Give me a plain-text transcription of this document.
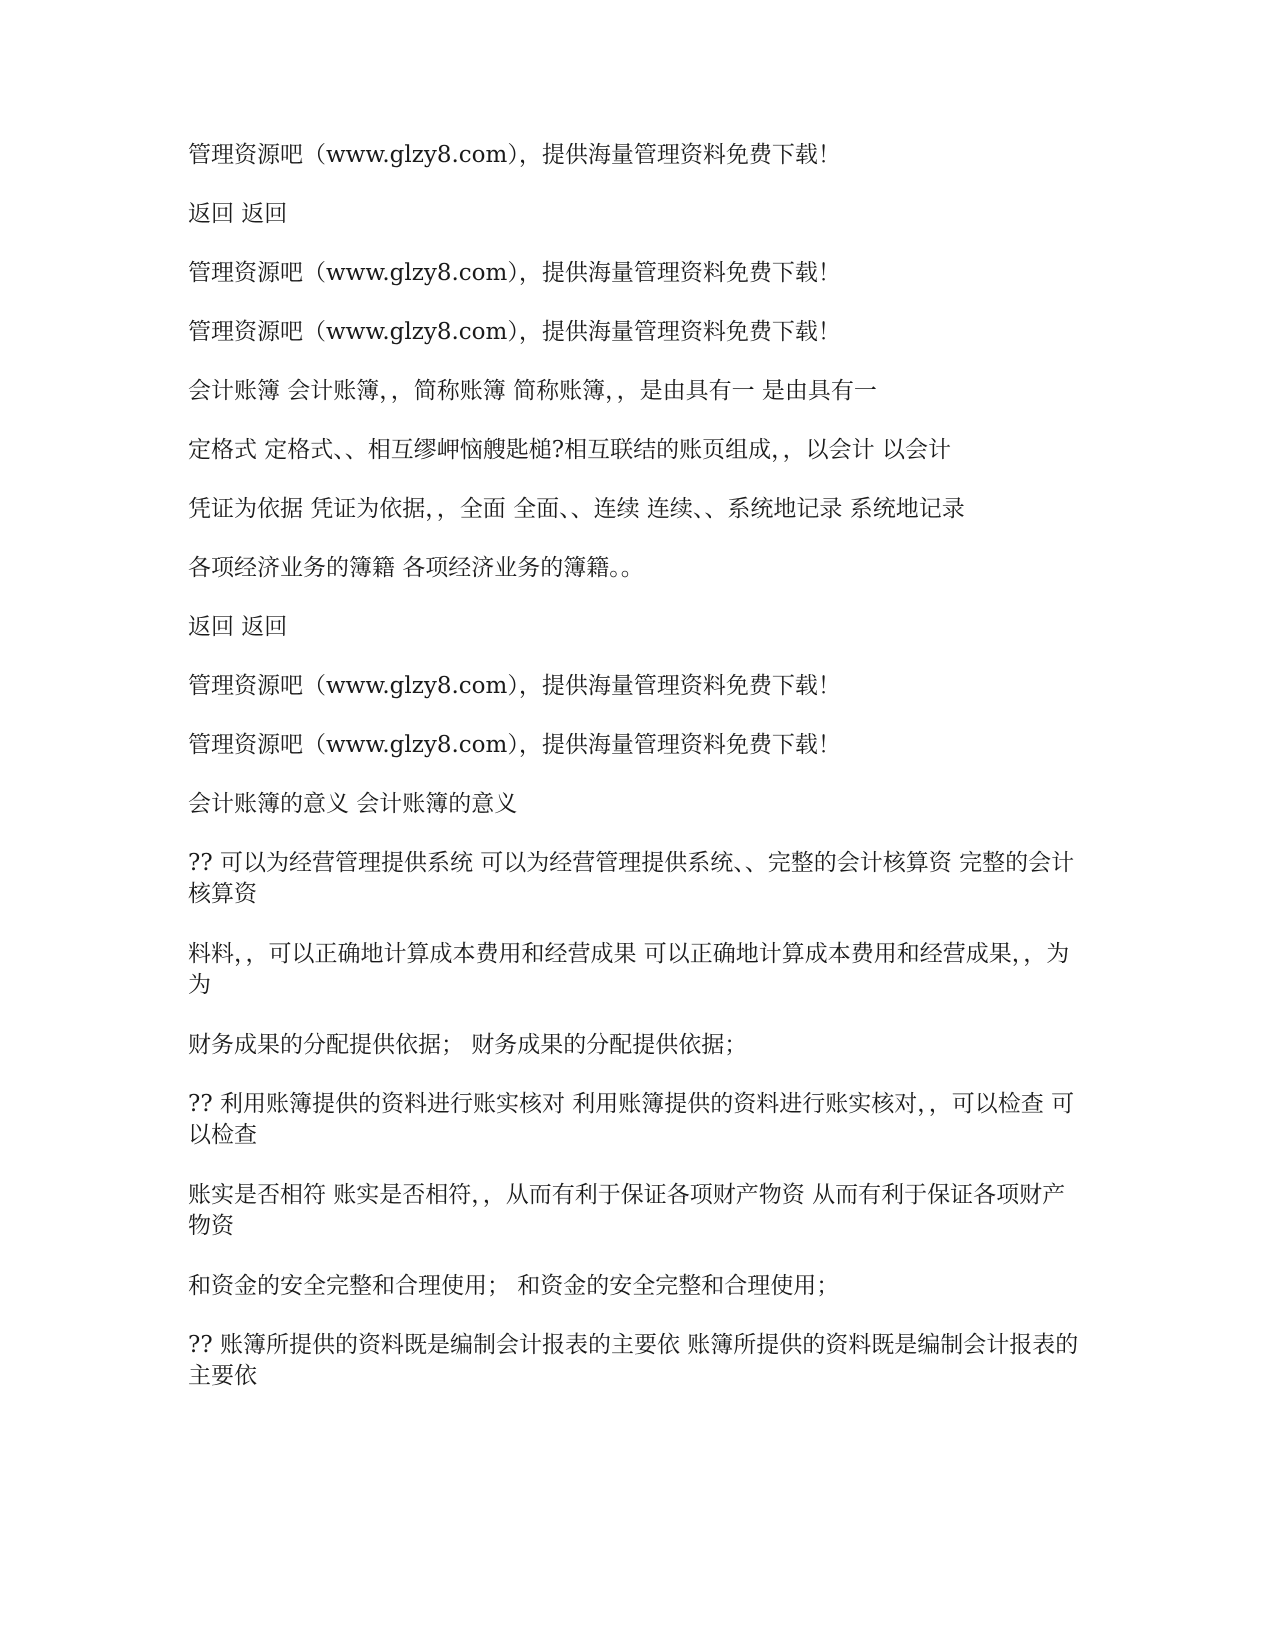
管理资源吧（www.glzy8.com），提供海量管理资料免费下载！

返回 返回

管理资源吧（www.glzy8.com），提供海量管理资料免费下载！

管理资源吧（www.glzy8.com），提供海量管理资料免费下载！

会计账簿 会计账簿，，简称账簿 简称账簿，，是由具有一 是由具有一

定格式 定格式、、相互缪岬恼艘匙槌?相互联结的账页组成，，以会计 以会计

凭证为依据 凭证为依据，，全面 全面、、连续 连续、、系统地记录 系统地记录

各项经济业务的簿籍 各项经济业务的簿籍。。

返回 返回

管理资源吧（www.glzy8.com），提供海量管理资料免费下载！

管理资源吧（www.glzy8.com），提供海量管理资料免费下载！

会计账簿的意义 会计账簿的意义

?? 可以为经营管理提供系统 可以为经营管理提供系统、、完整的会计核算资 完整的会计核算资

料料，，可以正确地计算成本费用和经营成果 可以正确地计算成本费用和经营成果，，为为

财务成果的分配提供依据； 财务成果的分配提供依据；

?? 利用账簿提供的资料进行账实核对 利用账簿提供的资料进行账实核对，，可以检查 可以检查

账实是否相符 账实是否相符，，从而有利于保证各项财产物资 从而有利于保证各项财产物资

和资金的安全完整和合理使用； 和资金的安全完整和合理使用；

?? 账簿所提供的资料既是编制会计报表的主要依 账簿所提供的资料既是编制会计报表的主要依
